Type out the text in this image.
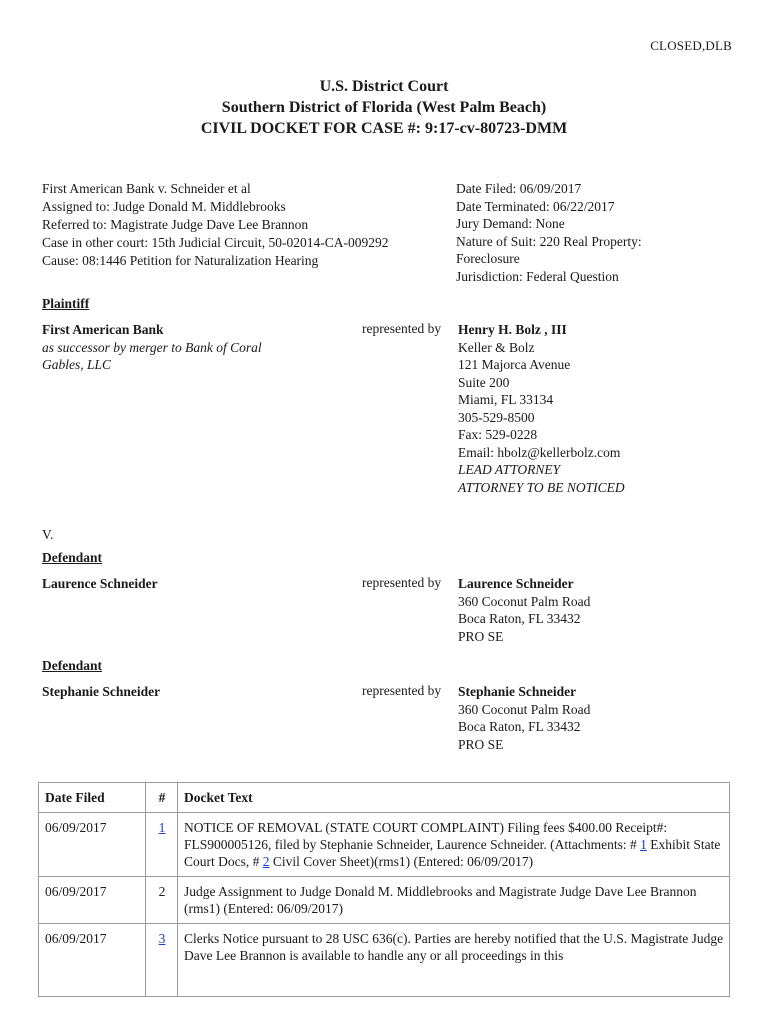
CLOSED,DLB
U.S. District Court
Southern District of Florida (West Palm Beach)
CIVIL DOCKET FOR CASE #: 9:17-cv-80723-DMM
First American Bank v. Schneider et al
Assigned to: Judge Donald M. Middlebrooks
Referred to: Magistrate Judge Dave Lee Brannon
Case in other court: 15th Judicial Circuit, 50-02014-CA-009292
Cause: 08:1446 Petition for Naturalization Hearing
Date Filed: 06/09/2017
Date Terminated: 06/22/2017
Jury Demand: None
Nature of Suit: 220 Real Property:
Foreclosure
Jurisdiction: Federal Question
Plaintiff
First American Bank
as successor by merger to Bank of Coral
Gables, LLC
represented by Henry H. Bolz , III
Keller & Bolz
121 Majorca Avenue
Suite 200
Miami, FL 33134
305-529-8500
Fax: 529-0228
Email: hbolz@kellerbolz.com
LEAD ATTORNEY
ATTORNEY TO BE NOTICED
V.
Defendant
Laurence Schneider	represented by Laurence Schneider
360 Coconut Palm Road
Boca Raton, FL 33432
PRO SE
Defendant
Stephanie Schneider	represented by Stephanie Schneider
360 Coconut Palm Road
Boca Raton, FL 33432
PRO SE
Date Filed	#	Docket Text
06/09/2017	1	NOTICE OF REMOVAL (STATE COURT COMPLAINT) Filing fees $400.00 Receipt#: FLS900005126, filed by Stephanie Schneider, Laurence Schneider. (Attachments: # 1 Exhibit State Court Docs, # 2 Civil Cover Sheet)(rms1) (Entered: 06/09/2017)
06/09/2017	2	Judge Assignment to Judge Donald M. Middlebrooks and Magistrate Judge Dave Lee Brannon (rms1) (Entered: 06/09/2017)
06/09/2017	3	Clerks Notice pursuant to 28 USC 636(c). Parties are hereby notified that the U.S. Magistrate Judge Dave Lee Brannon is available to handle any or all proceedings in this
